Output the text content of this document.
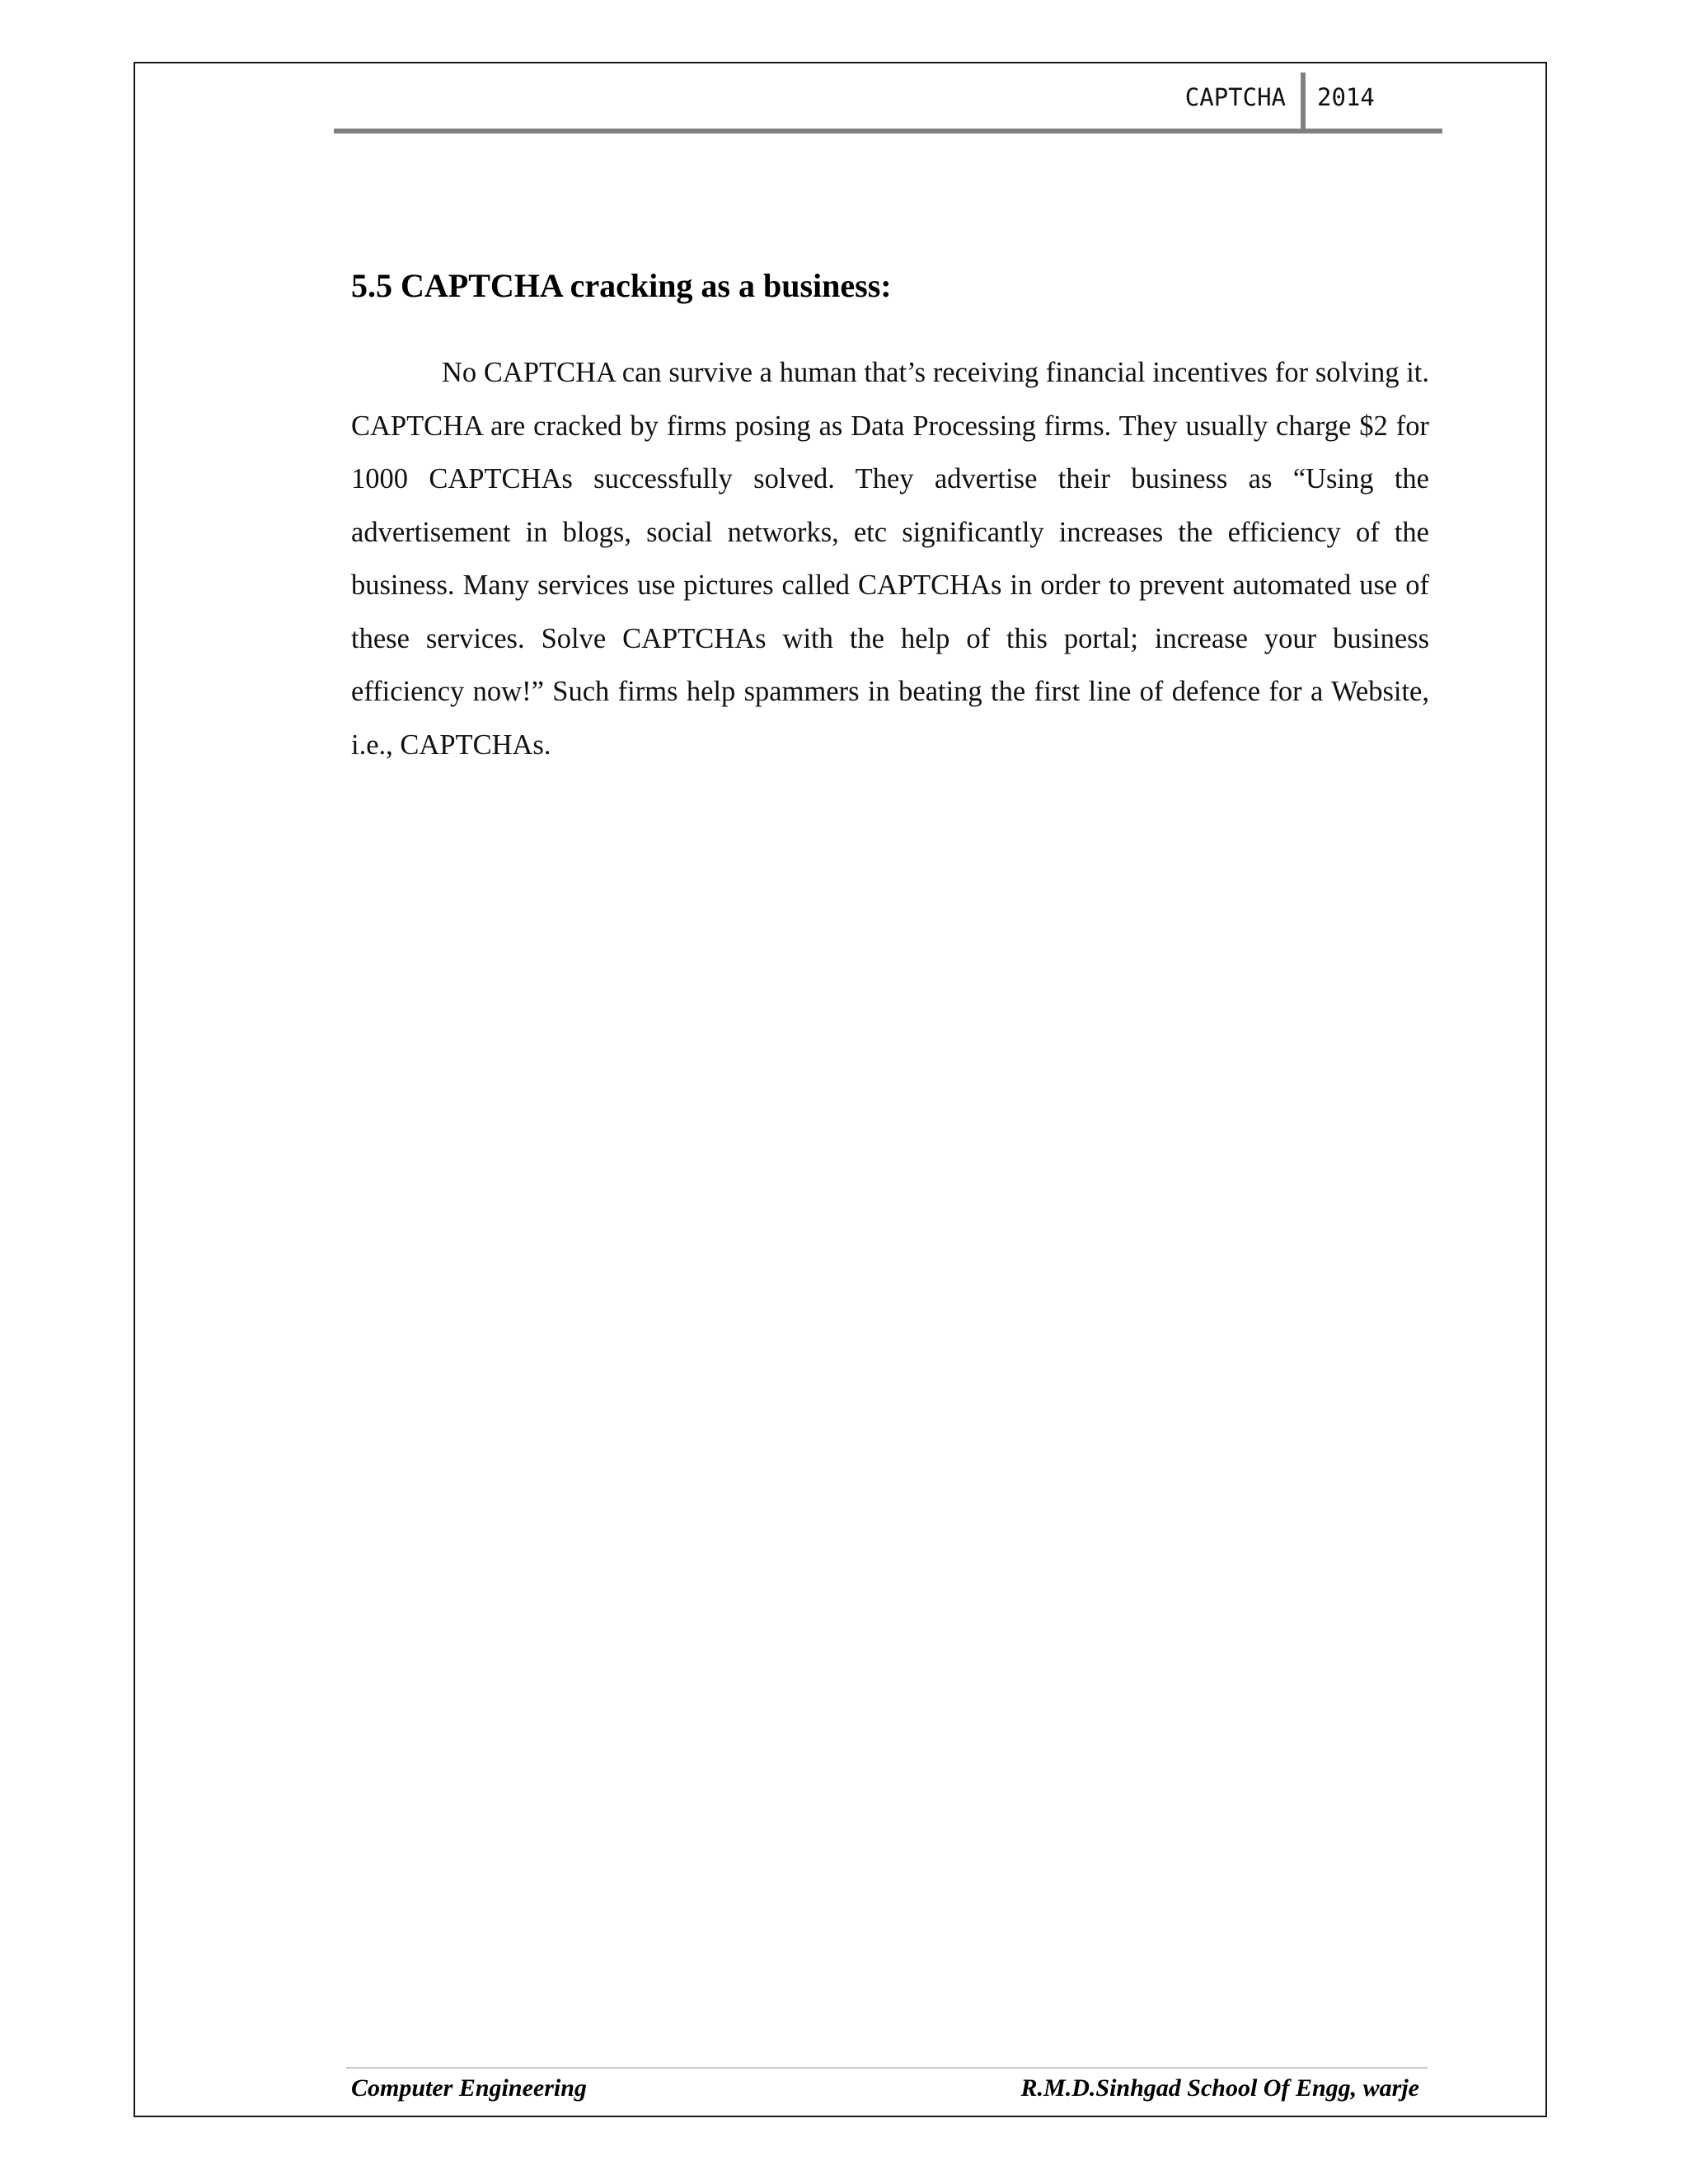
CAPTCHA 2014
5.5 CAPTCHA cracking as a business:

No CAPTCHA can survive a human that’s receiving financial incentives for solving it. CAPTCHA are cracked by firms posing as Data Processing firms. They usually charge $2 for 1000 CAPTCHAs successfully solved. They advertise their business as “Using the advertisement in blogs, social networks, etc significantly increases the efficiency of the business. Many services use pictures called CAPTCHAs in order to prevent automated use of these services. Solve CAPTCHAs with the help of this portal; increase your business efficiency now!” Such firms help spammers in beating the first line of defence for a Website, i.e., CAPTCHAs.

Computer Engineering	R.M.D.Sinhgad School Of Engg, warje
